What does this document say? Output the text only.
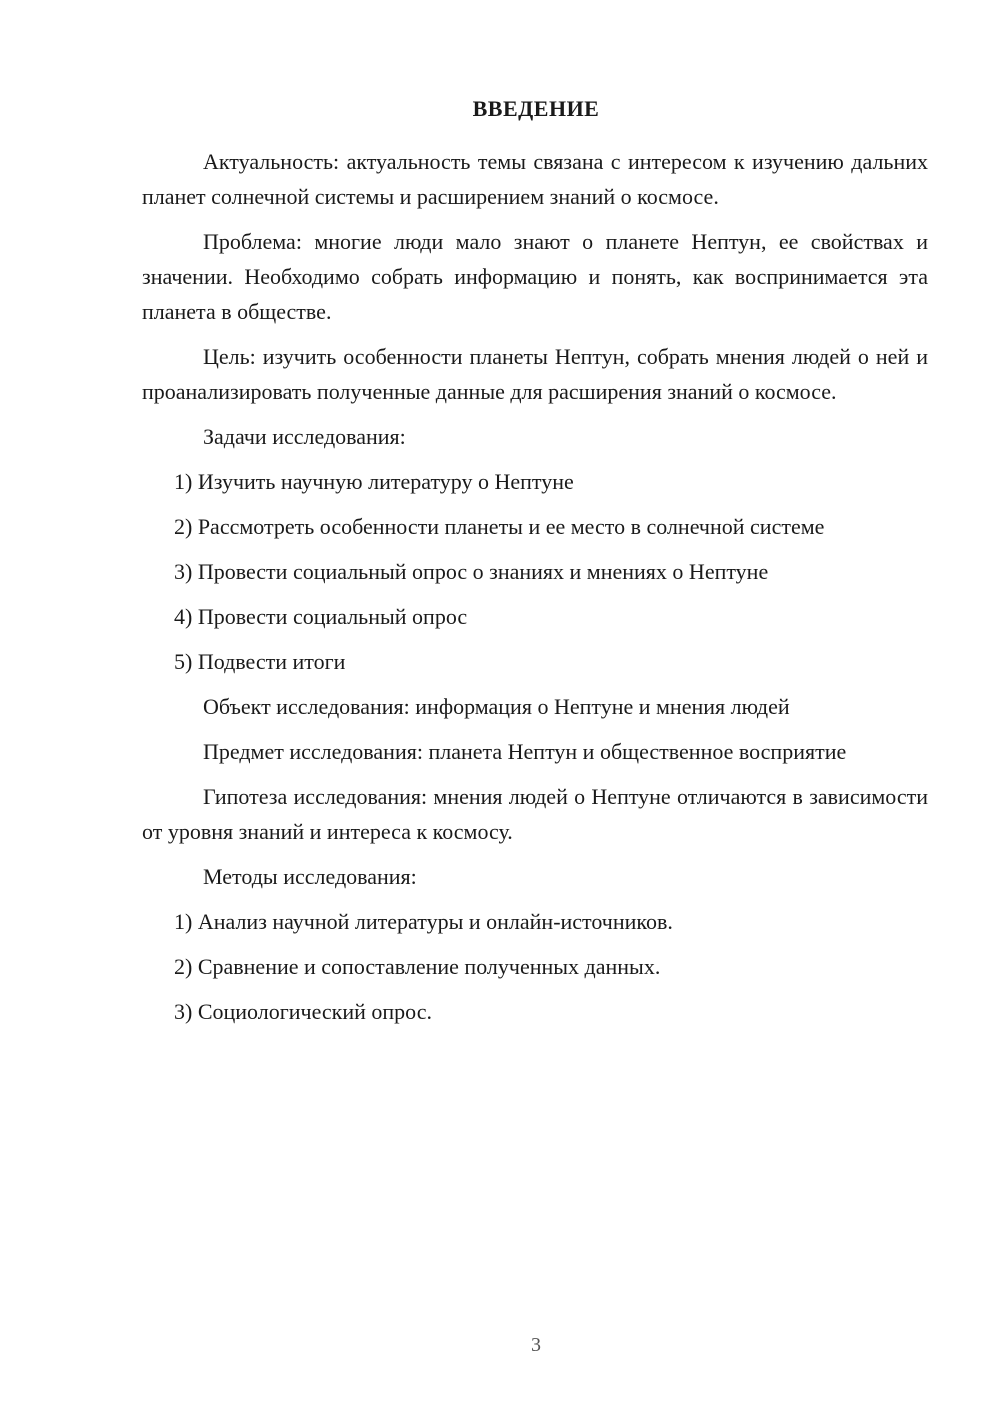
ВВЕДЕНИЕ

Актуальность: актуальность темы связана с интересом к изучению дальних планет солнечной системы и расширением знаний о космосе.

Проблема: многие люди мало знают о планете Нептун, ее свойствах и значении. Необходимо собрать информацию и понять, как воспринимается эта планета в обществе.

Цель: изучить особенности планеты Нептун, собрать мнения людей о ней и проанализировать полученные данные для расширения знаний о космосе.

Задачи исследования:

1) Изучить научную литературу о Нептуне

2) Рассмотреть особенности планеты и ее место в солнечной системе

3) Провести социальный опрос о знаниях и мнениях о Нептуне

4) Провести социальный опрос

5) Подвести итоги

Объект исследования: информация о Нептуне и мнения людей

Предмет исследования: планета Нептун и общественное восприятие

Гипотеза исследования: мнения людей о Нептуне отличаются в зависимости от уровня знаний и интереса к космосу.

Методы исследования:

1) Анализ научной литературы и онлайн-источников.

2) Сравнение и сопоставление полученных данных.

3) Социологический опрос.

3
